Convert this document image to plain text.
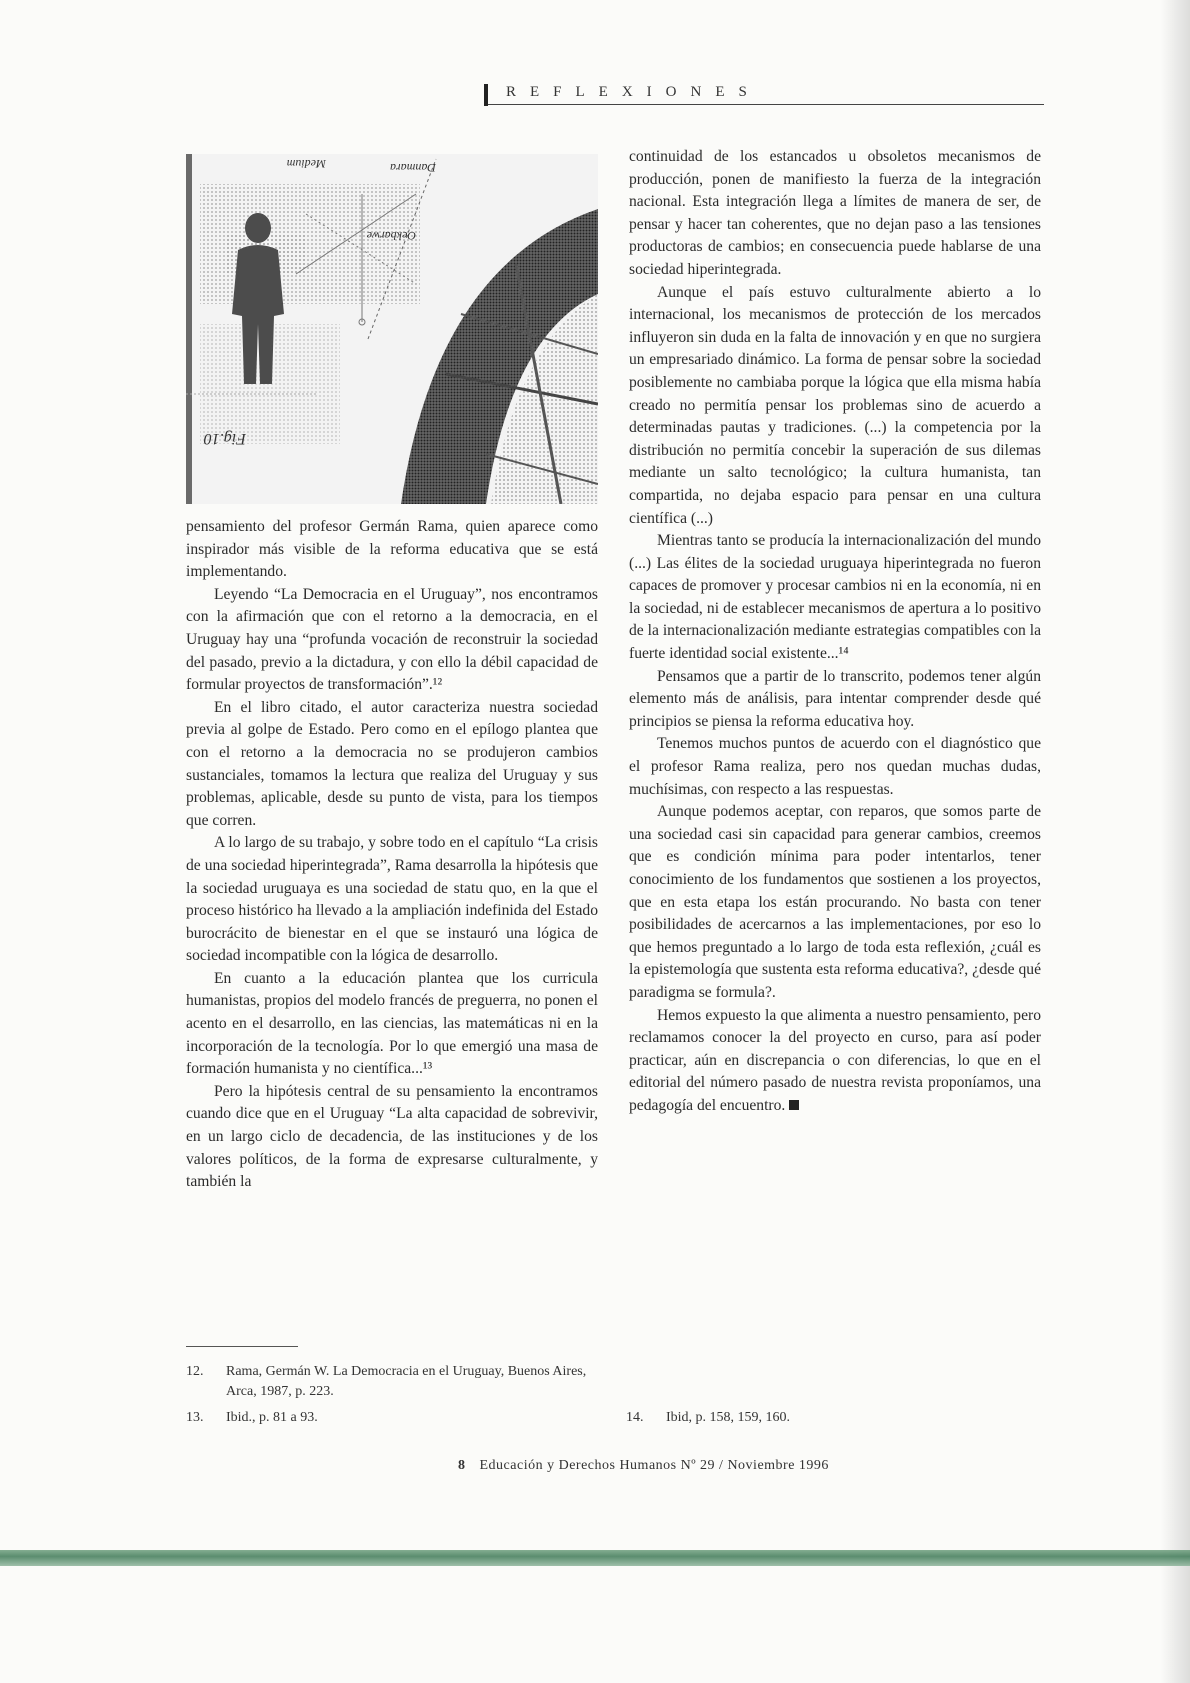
REFLEXIONES
Medium	Danmara
Oekbarwe
Fig.10

pensamiento del profesor Germán Rama, quien aparece como inspirador más visible de la reforma educativa que se está implementando.

Leyendo “La Democracia en el Uruguay”, nos encontramos con la afirmación que con el retorno a la democracia, en el Uruguay hay una “profunda vocación de reconstruir la sociedad del pasado, previo a la dictadura, y con ello la débil capacidad de formular proyectos de transformación”.¹²

En el libro citado, el autor caracteriza nuestra sociedad previa al golpe de Estado. Pero como en el epílogo plantea que con el retorno a la democracia no se produjeron cambios sustanciales, tomamos la lectura que realiza del Uruguay y sus problemas, aplicable, desde su punto de vista, para los tiempos que corren.

A lo largo de su trabajo, y sobre todo en el capítulo “La crisis de una sociedad hiperintegrada”, Rama desarrolla la hipótesis que la sociedad uruguaya es una sociedad de statu quo, en la que el proceso histórico ha llevado a la ampliación indefinida del Estado burocrácito de bienestar en el que se instauró una lógica de sociedad incompatible con la lógica de desarrollo.

En cuanto a la educación plantea que los curricula humanistas, propios del modelo francés de preguerra, no ponen el acento en el desarrollo, en las ciencias, las matemáticas ni en la incorporación de la tecnología. Por lo que emergió una masa de formación humanista y no científica...¹³

Pero la hipótesis central de su pensamiento la encontramos cuando dice que en el Uruguay “La alta capacidad de sobrevivir, en un largo ciclo de decadencia, de las instituciones y de los valores políticos, de la forma de expresarse culturalmente, y también la

continuidad de los estancados u obsoletos mecanismos de producción, ponen de manifiesto la fuerza de la integración nacional. Esta integración llega a límites de manera de ser, de pensar y hacer tan coherentes, que no dejan paso a las tensiones productoras de cambios; en consecuencia puede hablarse de una sociedad hiperintegrada.

Aunque el país estuvo culturalmente abierto a lo internacional, los mecanismos de protección de los mercados influyeron sin duda en la falta de innovación y en que no surgiera un empresariado dinámico. La forma de pensar sobre la sociedad posiblemente no cambiaba porque la lógica que ella misma había creado no permitía pensar los problemas sino de acuerdo a determinadas pautas y tradiciones. (...) la competencia por la distribución no permitía concebir la superación de sus dilemas mediante un salto tecnológico; la cultura humanista, tan compartida, no dejaba espacio para pensar en una cultura científica (...)

Mientras tanto se producía la internacionalización del mundo (...) Las élites de la sociedad uruguaya hiperintegrada no fueron capaces de promover y procesar cambios ni en la economía, ni en la sociedad, ni de establecer mecanismos de apertura a lo positivo de la internacionalización mediante estrategias compatibles con la fuerte identidad social existente...¹⁴

Pensamos que a partir de lo transcrito, podemos tener algún elemento más de análisis, para intentar comprender desde qué principios se piensa la reforma educativa hoy.

Tenemos muchos puntos de acuerdo con el diagnóstico que el profesor Rama realiza, pero nos quedan muchas dudas, muchísimas, con respecto a las respuestas.

Aunque podemos aceptar, con reparos, que somos parte de una sociedad casi sin capacidad para generar cambios, creemos que es condición mínima para poder intentarlos, tener conocimiento de los fundamentos que sostienen a los proyectos, que en esta etapa los están procurando. No basta con tener posibilidades de acercarnos a las implementaciones, por eso lo que hemos preguntado a lo largo de toda esta reflexión, ¿cuál es la epistemología que sustenta esta reforma educativa?, ¿desde qué paradigma se formula?.

Hemos expuesto la que alimenta a nuestro pensamiento, pero reclamamos conocer la del proyecto en curso, para así poder practicar, aún en discrepancia o con diferencias, lo que en el editorial del número pasado de nuestra revista proponíamos, una pedagogía del encuentro.

12. Rama, Germán W. La Democracia en el Uruguay, Buenos Aires, Arca, 1987, p. 223.
13. Ibid., p. 81 a 93.	14. Ibid, p. 158, 159, 160.
8 Educación y Derechos Humanos Nº 29 / Noviembre 1996
